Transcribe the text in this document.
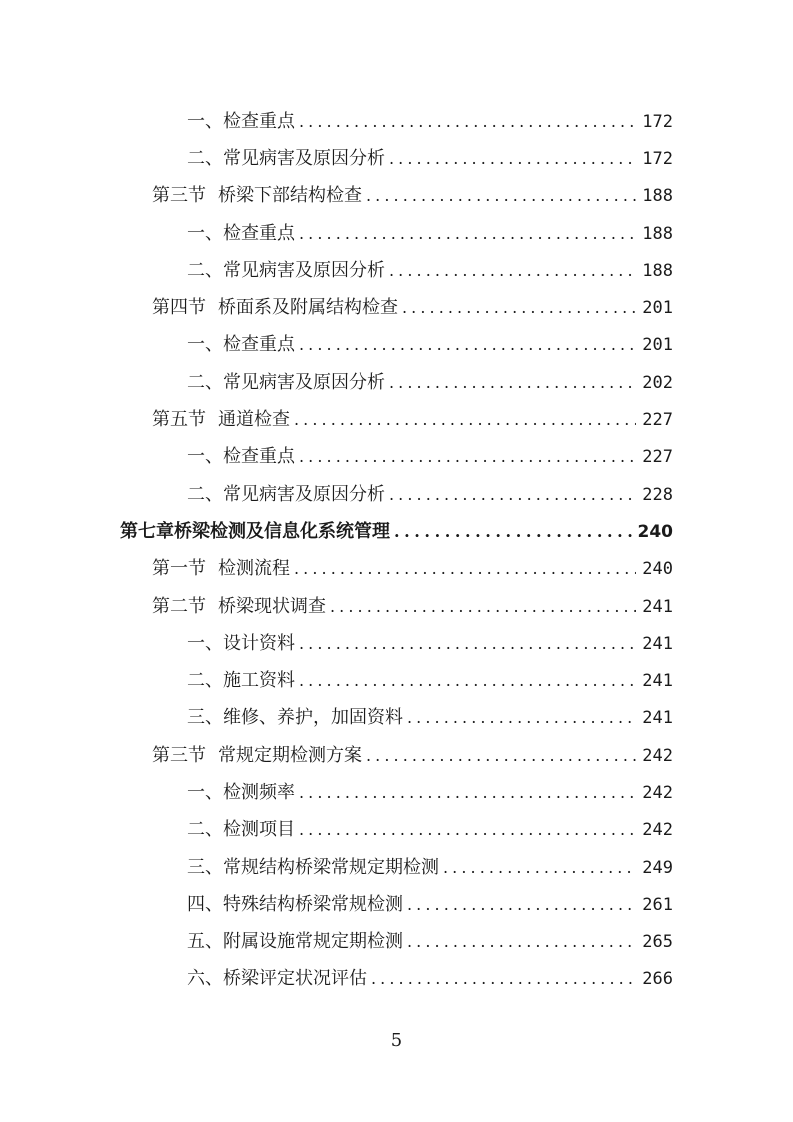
一、 检查重点 . . .	172
二、 常见病害及原因分析 . . .	172
第三节 桥梁下部结构检查 . . .	188
一、 检查重点 . . .	188
二、 常见病害及原因分析 . . .	188
第四节 桥面系及附属结构检查 . . .	201
一、 检查重点 . . .	201
二、 常见病害及原因分析 . . .	202
第五节 通道检查 . . .	227
一、 检查重点 . . .	227
二、 常见病害及原因分析 . . .	228
第七章 桥梁检测及信息化系统管理 . . .	240
第一节 检测流程 . . .	240
第二节 桥梁现状调查 . . .	241
一、 设计资料 . . .	241
二、 施工资料 . . .	241
三、 维修、养护，加固资料 . . .	241
第三节 常规定期检测方案 . . .	242
一、 检测频率 . . .	242
二、 检测项目 . . .	242
三、 常规结构桥梁常规定期检测 . . .	249
四、 特殊结构桥梁常规检测 . . .	261
五、 附属设施常规定期检测 . . .	265
六、 桥梁评定状况评估 . . .	266
5
